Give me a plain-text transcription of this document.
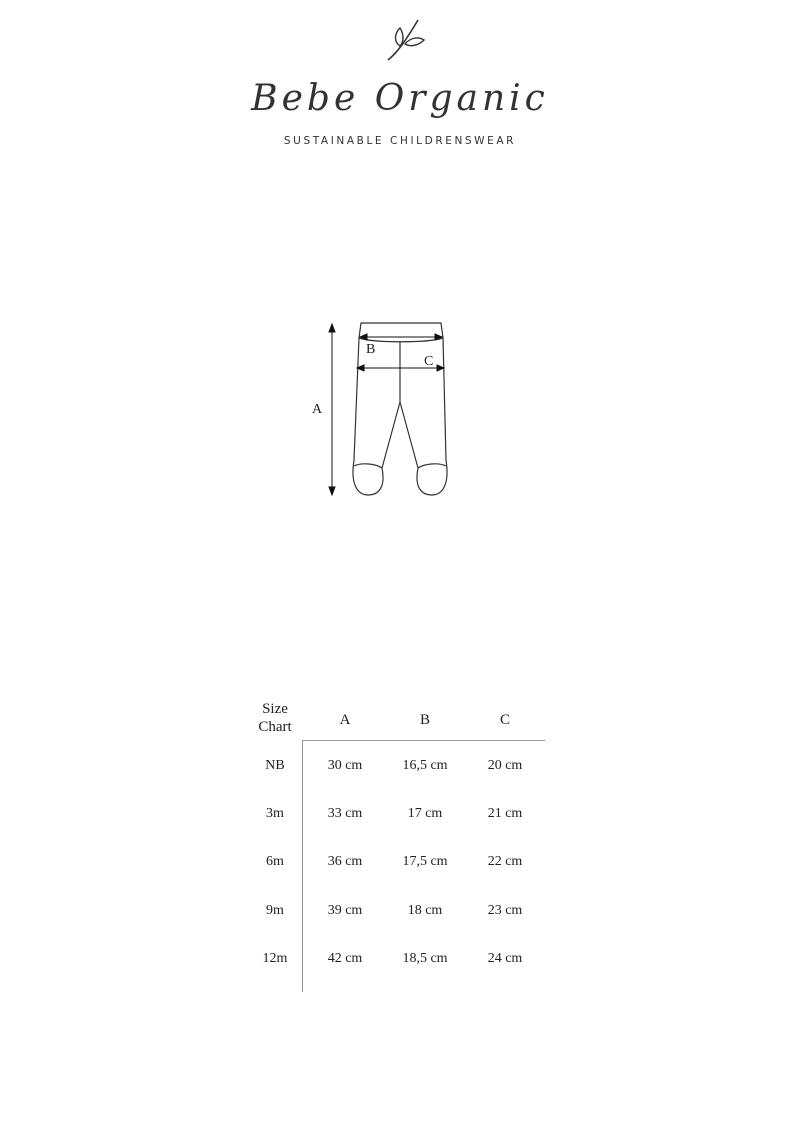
Bebe Organic
SUSTAINABLE CHILDRENSWEAR
A
B
C
Size
Chart	A	B	C
NB	30 cm	16,5 cm	20 cm
3m	33 cm	17 cm	21 cm
6m	36 cm	17,5 cm	22 cm
9m	39 cm	18 cm	23 cm
12m	42 cm	18,5 cm	24 cm
